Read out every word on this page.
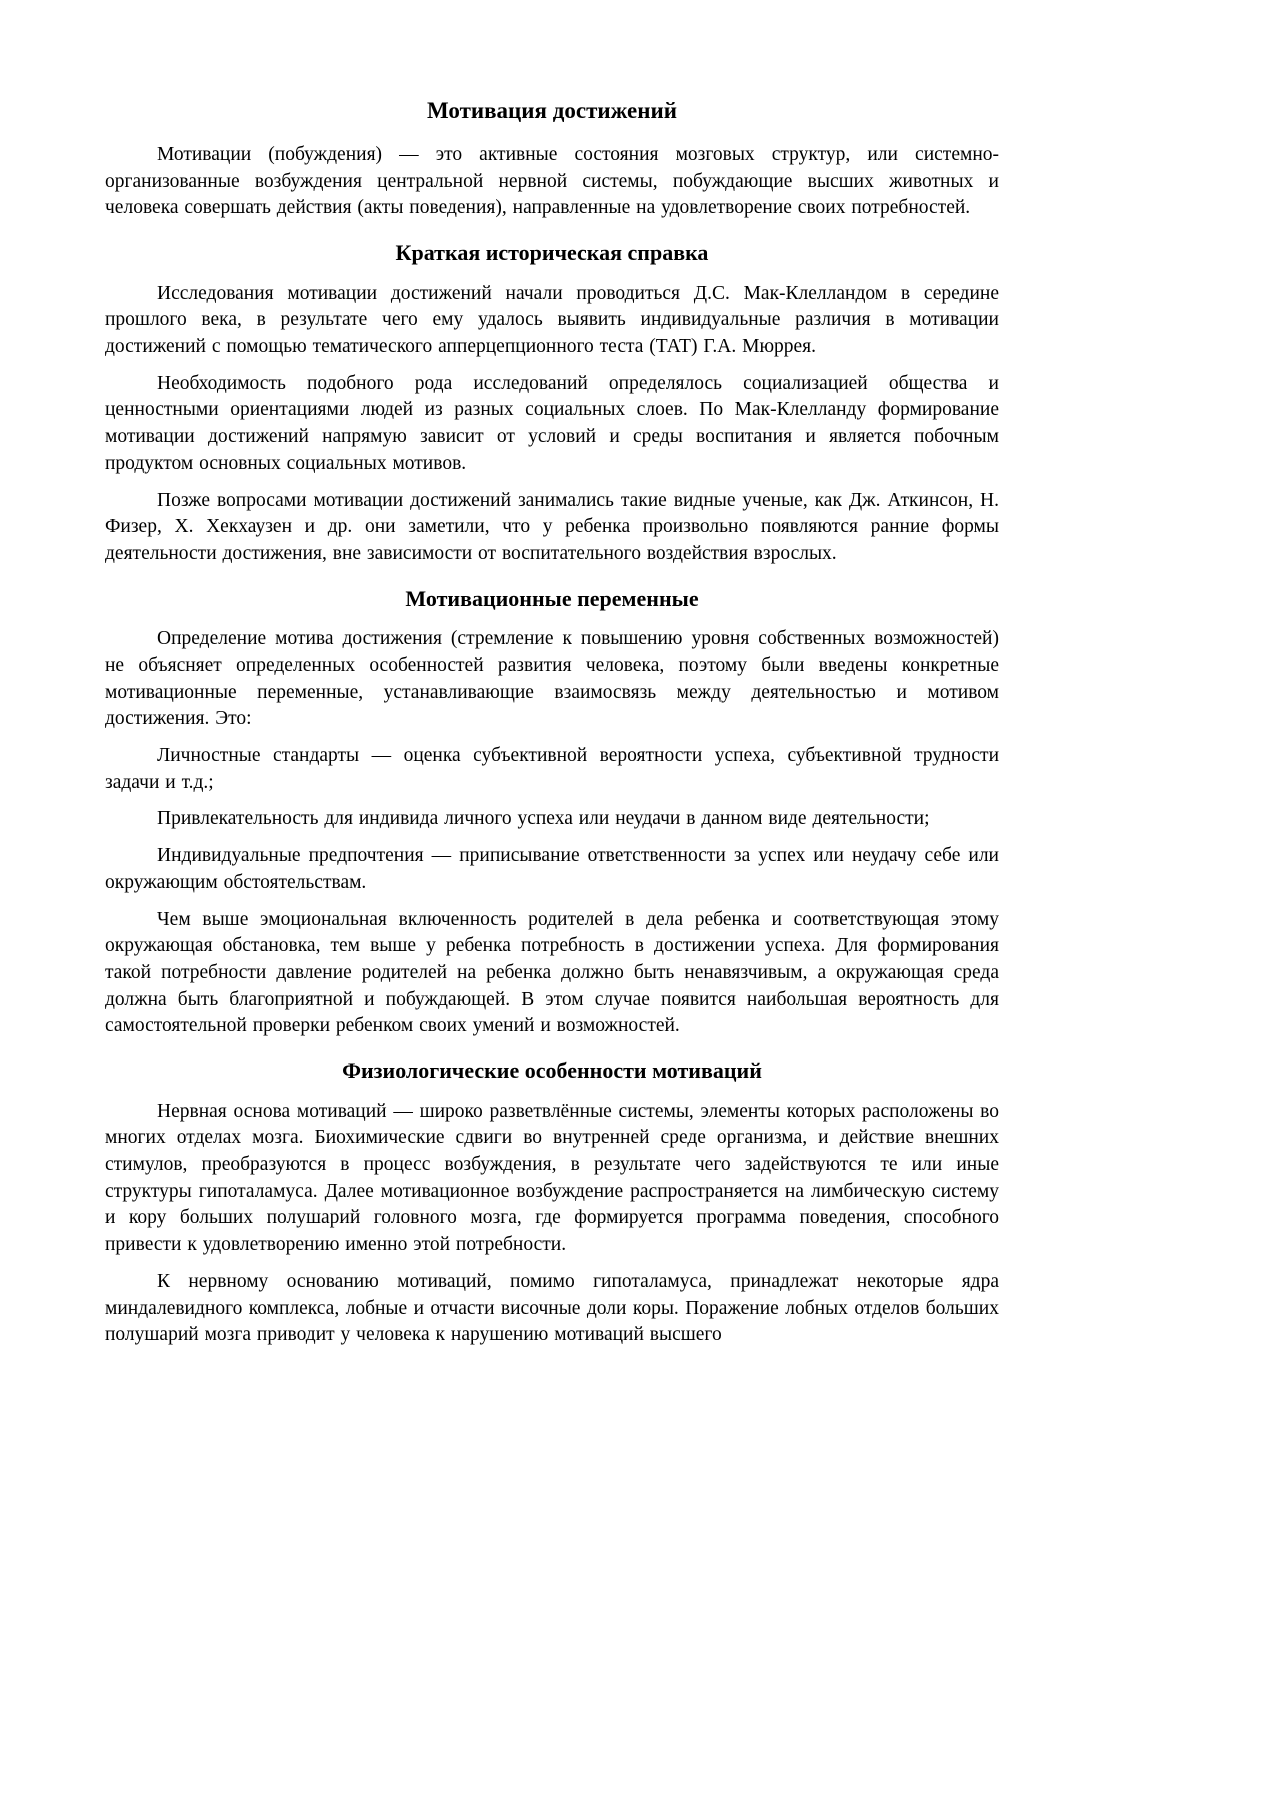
Мотивация достижений

Мотивации (побуждения) — это активные состояния мозговых структур, или системно-организованные возбуждения центральной нервной системы, побуждающие высших животных и человека совершать действия (акты поведения), направленные на удовлетворение своих потребностей.

Краткая историческая справка

Исследования мотивации достижений начали проводиться Д.С. Мак-Клелландом в середине прошлого века, в результате чего ему удалось выявить индивидуальные различия в мотивации достижений с помощью тематического апперцепционного теста (ТАТ) Г.А. Мюррея.

Необходимость подобного рода исследований определялось социализацией общества и ценностными ориентациями людей из разных социальных слоев. По Мак-Клелланду формирование мотивации достижений напрямую зависит от условий и среды воспитания и является побочным продуктом основных социальных мотивов.

Позже вопросами мотивации достижений занимались такие видные ученые, как Дж. Аткинсон, Н. Физер, Х. Хекхаузен и др. они заметили, что у ребенка произвольно появляются ранние формы деятельности достижения, вне зависимости от воспитательного воздействия взрослых.

Мотивационные переменные

Определение мотива достижения (стремление к повышению уровня собственных возможностей) не объясняет определенных особенностей развития человека, поэтому были введены конкретные мотивационные переменные, устанавливающие взаимосвязь между деятельностью и мотивом достижения. Это:

Личностные стандарты — оценка субъективной вероятности успеха, субъективной трудности задачи и т.д.;

Привлекательность для индивида личного успеха или неудачи в данном виде деятельности;

Индивидуальные предпочтения — приписывание ответственности за успех или неудачу себе или окружающим обстоятельствам.

Чем выше эмоциональная включенность родителей в дела ребенка и соответствующая этому окружающая обстановка, тем выше у ребенка потребность в достижении успеха. Для формирования такой потребности давление родителей на ребенка должно быть ненавязчивым, а окружающая среда должна быть благоприятной и побуждающей. В этом случае появится наибольшая вероятность для самостоятельной проверки ребенком своих умений и возможностей.

Физиологические особенности мотиваций

Нервная основа мотиваций — широко разветвлённые системы, элементы которых расположены во многих отделах мозга. Биохимические сдвиги во внутренней среде организма, и действие внешних стимулов, преобразуются в процесс возбуждения, в результате чего задействуются те или иные структуры гипоталамуса. Далее мотивационное возбуждение распространяется на лимбическую систему и кору больших полушарий головного мозга, где формируется программа поведения, способного привести к удовлетворению именно этой потребности.

К нервному основанию мотиваций, помимо гипоталамуса, принадлежат некоторые ядра миндалевидного комплекса, лобные и отчасти височные доли коры. Поражение лобных отделов больших полушарий мозга приводит у человека к нарушению мотиваций высшего
